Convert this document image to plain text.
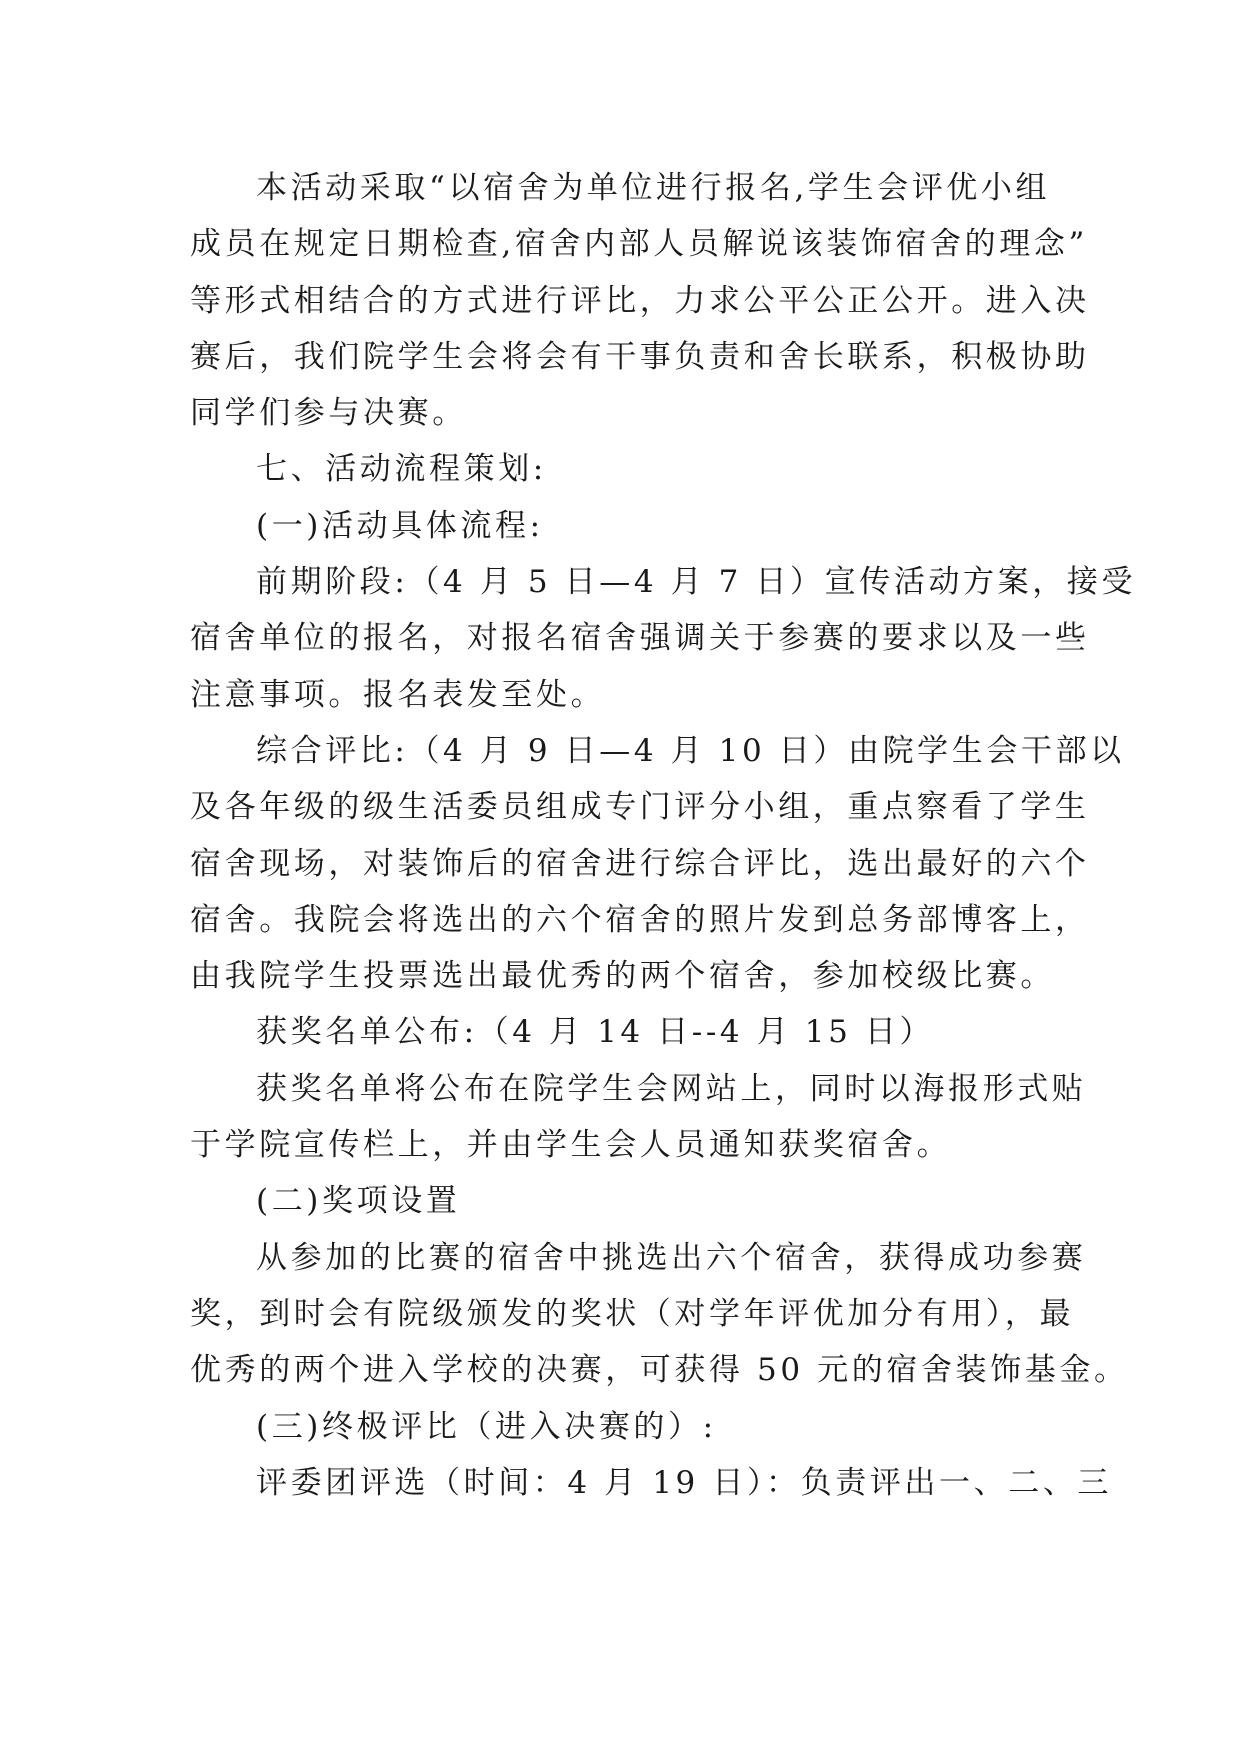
本活动采取“以宿舍为单位进行报名,学生会评优小组
成员在规定日期检查,宿舍内部人员解说该装饰宿舍的理念”
等形式相结合的方式进行评比，力求公平公正公开。进入决
赛后，我们院学生会将会有干事负责和舍长联系，积极协助
同学们参与决赛。
七、活动流程策划:
(一)活动具体流程:
前期阶段:（4 月 5 日—4 月 7 日）宣传活动方案，接受
宿舍单位的报名，对报名宿舍强调关于参赛的要求以及一些
注意事项。报名表发至处。
综合评比:（4 月 9 日—4 月 10 日）由院学生会干部以
及各年级的级生活委员组成专门评分小组，重点察看了学生
宿舍现场，对装饰后的宿舍进行综合评比，选出最好的六个
宿舍。我院会将选出的六个宿舍的照片发到总务部博客上，
由我院学生投票选出最优秀的两个宿舍，参加校级比赛。
获奖名单公布:（4 月 14 日--4 月 15 日）
获奖名单将公布在院学生会网站上，同时以海报形式贴
于学院宣传栏上，并由学生会人员通知获奖宿舍。
(二)奖项设置
从参加的比赛的宿舍中挑选出六个宿舍，获得成功参赛
奖，到时会有院级颁发的奖状（对学年评优加分有用），最
优秀的两个进入学校的决赛，可获得 50 元的宿舍装饰基金。
(三)终极评比（进入决赛的）:
评委团评选（时间：4 月 19 日）：负责评出一、二、三
